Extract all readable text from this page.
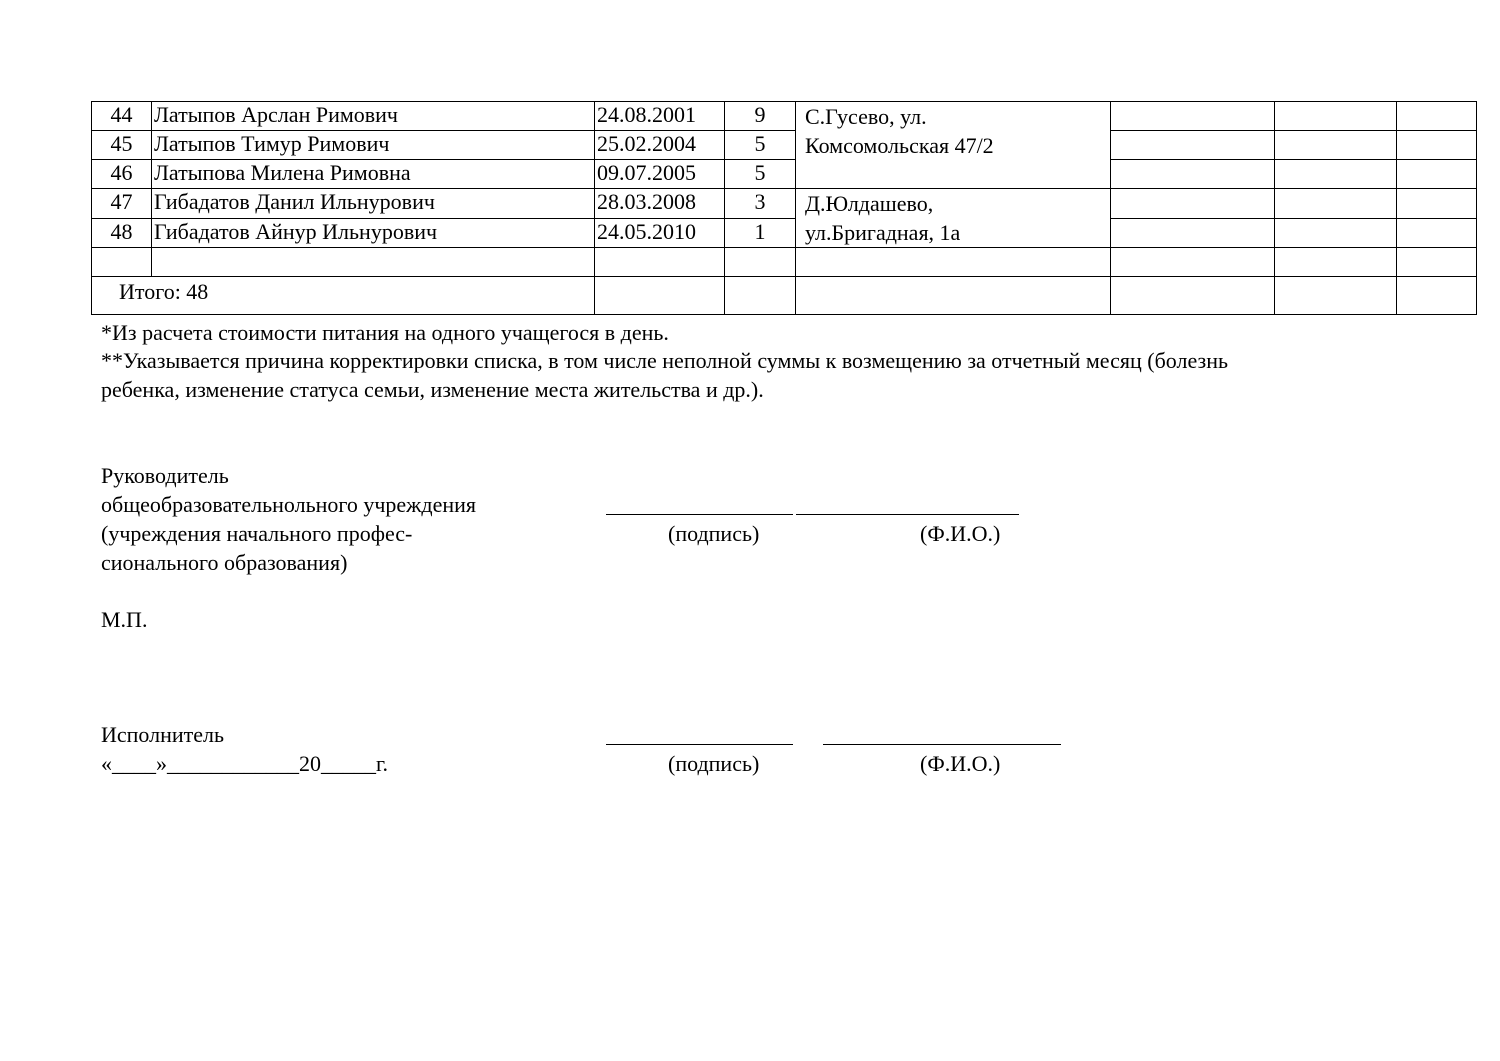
44	Латыпов Арслан Римович	24.08.2001	9	С.Гусево, ул.
Комсомольская 47/2			
45	Латыпов Тимур Римович	25.02.2004	5				
46	Латыпова Милена Римовна	09.07.2005	5				
47	Гибадатов Данил Ильнурович	28.03.2008	3	Д.Юлдашево,
ул.Бригадная, 1а			
48	Гибадатов Айнур Ильнурович	24.05.2010	1				

Итого: 48							
*Из расчета стоимости питания на одного учащегося в день.
**Указывается причина корректировки списка, в том числе неполной суммы к возмещению за отчетный месяц (болезнь
ребенка, изменение статуса семьи, изменение места жительства и др.).
Руководитель
общеобразовательнольного учреждения
(учреждения начального профес-
сионального образования)
(подпись)	(Ф.И.О.)
М.П.
Исполнитель
«____»____________20_____г.	(подпись)	(Ф.И.О.)
